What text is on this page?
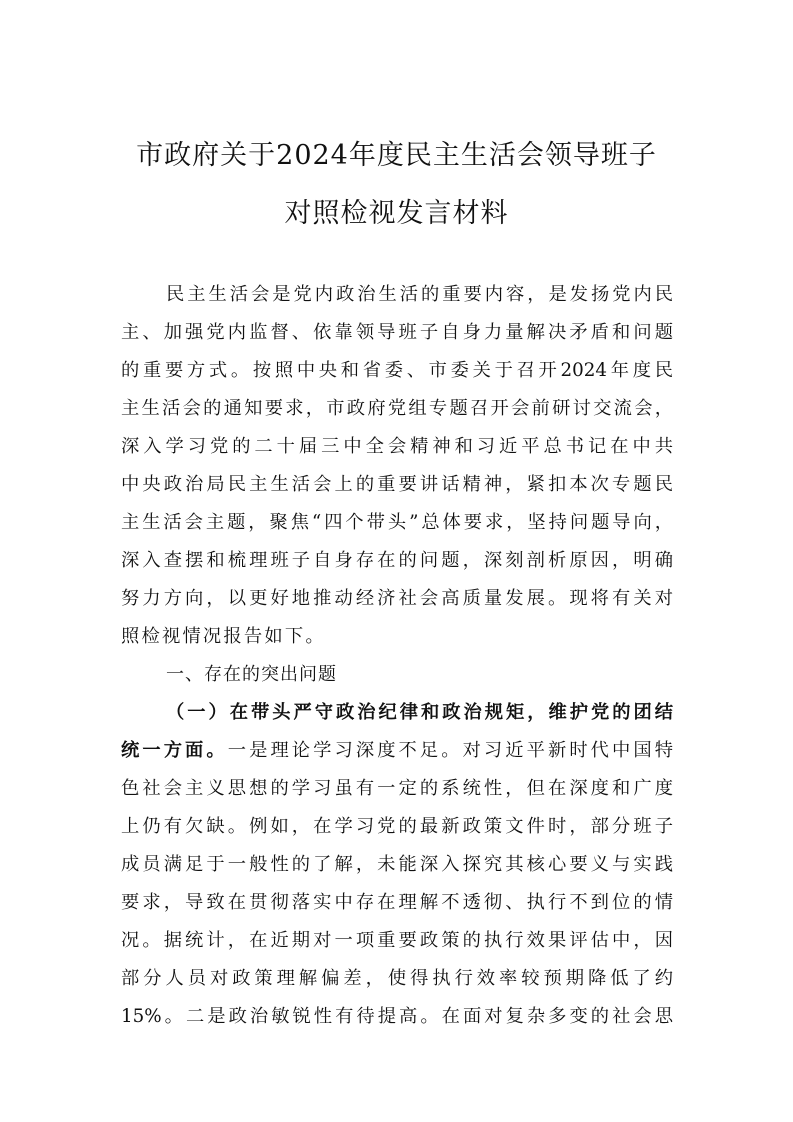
市政府关于2024年度民主生活会领导班子
对照检视发言材料
民主生活会是党内政治生活的重要内容，是发扬党内民
主、加强党内监督、依靠领导班子自身力量解决矛盾和问题
的重要方式。按照中央和省委、市委关于召开2024年度民
主生活会的通知要求，市政府党组专题召开会前研讨交流会，
深入学习党的二十届三中全会精神和习近平总书记在中共
中央政治局民主生活会上的重要讲话精神，紧扣本次专题民
主生活会主题，聚焦“四个带头”总体要求，坚持问题导向，
深入查摆和梳理班子自身存在的问题，深刻剖析原因，明确
努力方向，以更好地推动经济社会高质量发展。现将有关对
照检视情况报告如下。
一、存在的突出问题
（一）在带头严守政治纪律和政治规矩，维护党的团结
统一方面。一是理论学习深度不足。对习近平新时代中国特
色社会主义思想的学习虽有一定的系统性，但在深度和广度
上仍有欠缺。例如，在学习党的最新政策文件时，部分班子
成员满足于一般性的了解，未能深入探究其核心要义与实践
要求，导致在贯彻落实中存在理解不透彻、执行不到位的情
况。据统计，在近期对一项重要政策的执行效果评估中，因
部分人员对政策理解偏差，使得执行效率较预期降低了约
15%。二是政治敏锐性有待提高。在面对复杂多变的社会思
